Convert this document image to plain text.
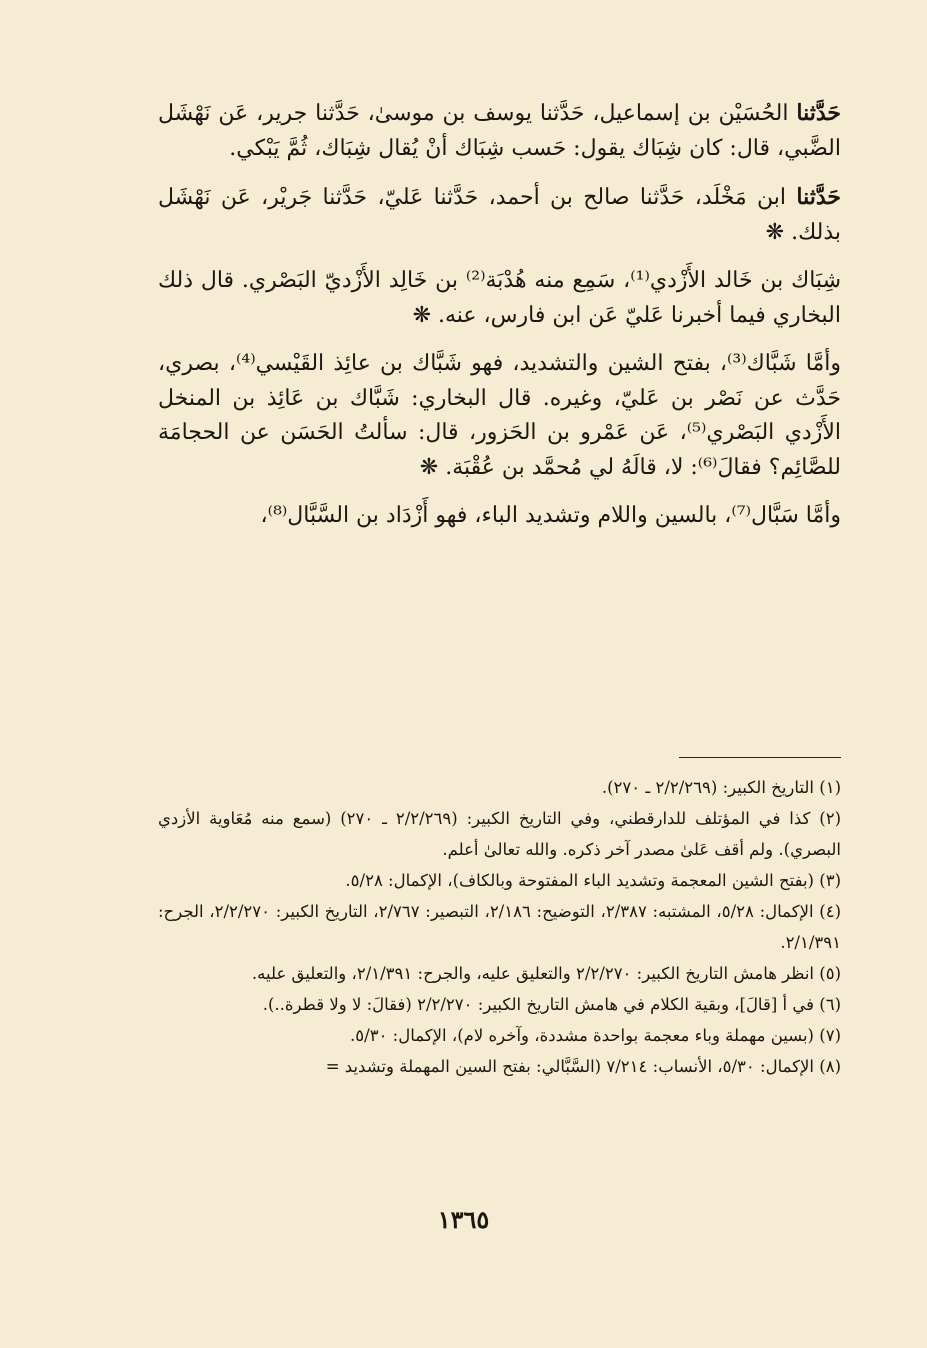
حَدَّثنا الحُسَيْن بن إسماعيل، حَدَّثنا يوسف بن موسىٰ، حَدَّثنا جرير، عَن نَهْشَل الضَّبي، قال: كان شِبَاك يقول: حَسب شِبَاك أنْ يُقال شِبَاك، ثُمَّ يَبْكي.

حَدَّثنا ابن مَخْلَد، حَدَّثنا صالح بن أحمد، حَدَّثنا عَليّ، حَدَّثنا جَريْر، عَن نَهْشَل بذلك. ❋

شِبَاك بن خَالد الأَزْدي⁽¹⁾، سَمِع منه هُدْبَة⁽²⁾ بن خَالِد الأَزْديّ البَصْري. قال ذلك البخاري فيما أخبرنا عَليّ عَن ابن فارس، عنه. ❋

وأمَّا شَبَّاك⁽³⁾، بفتح الشين والتشديد، فهو شَبَّاك بن عائِذ القَيْسي⁽⁴⁾، بصري، حَدَّث عن نَصْر بن عَليّ، وغيره. قال البخاري: شَبَّاك بن عَائِذ بن المنخل الأَزْدي البَصْري⁽⁵⁾، عَن عَمْرو بن الحَزور، قال: سألتُ الحَسَن عن الحجامَة للصَّائِم؟ فقالَ⁽⁶⁾: لا، قالَهُ لي مُحمَّد بن عُقْبَة. ❋

وأمَّا سَبَّال⁽⁷⁾، بالسين واللام وتشديد الباء، فهو أَزْدَاد بن السَّبَّال⁽⁸⁾،

(١) التاريخ الكبير: (٢/٢/٢٦٩ ـ ٢٧٠).

(٢) كذا في المؤتلف للدارقطني، وفي التاريخ الكبير: (٢/٢/٢٦٩ ـ ٢٧٠) (سمع منه مُعَاوية الأزدي البصري). ولم أقف عَلىٰ مصدر آخر ذكره. والله تعالىٰ أعلم.

(٣) (بفتح الشين المعجمة وتشديد الباء المفتوحة وبالكاف)، الإكمال: ٥/٢٨.

(٤) الإكمال: ٥/٢٨، المشتبه: ٢/٣٨٧، التوضيح: ٢/١٨٦، التبصير: ٢/٧٦٧، التاريخ الكبير: ٢/٢/٢٧٠، الجرح: ٢/١/٣٩١.

(٥) انظر هامش التاريخ الكبير: ٢/٢/٢٧٠ والتعليق عليه، والجرح: ٢/١/٣٩١، والتعليق عليه.

(٦) في أ [قالَ]، وبقية الكلام في هامش التاريخ الكبير: ٢/٢/٢٧٠ (فقالَ: لا ولا قطرة..).

(٧) (بسين مهملة وباء معجمة بواحدة مشددة، وآخره لام)، الإكمال: ٥/٣٠.

(٨) الإكمال: ٥/٣٠، الأنساب: ٧/٢١٤ (السَّبَّالي: بفتح السين المهملة وتشديد =

١٣٦٥
